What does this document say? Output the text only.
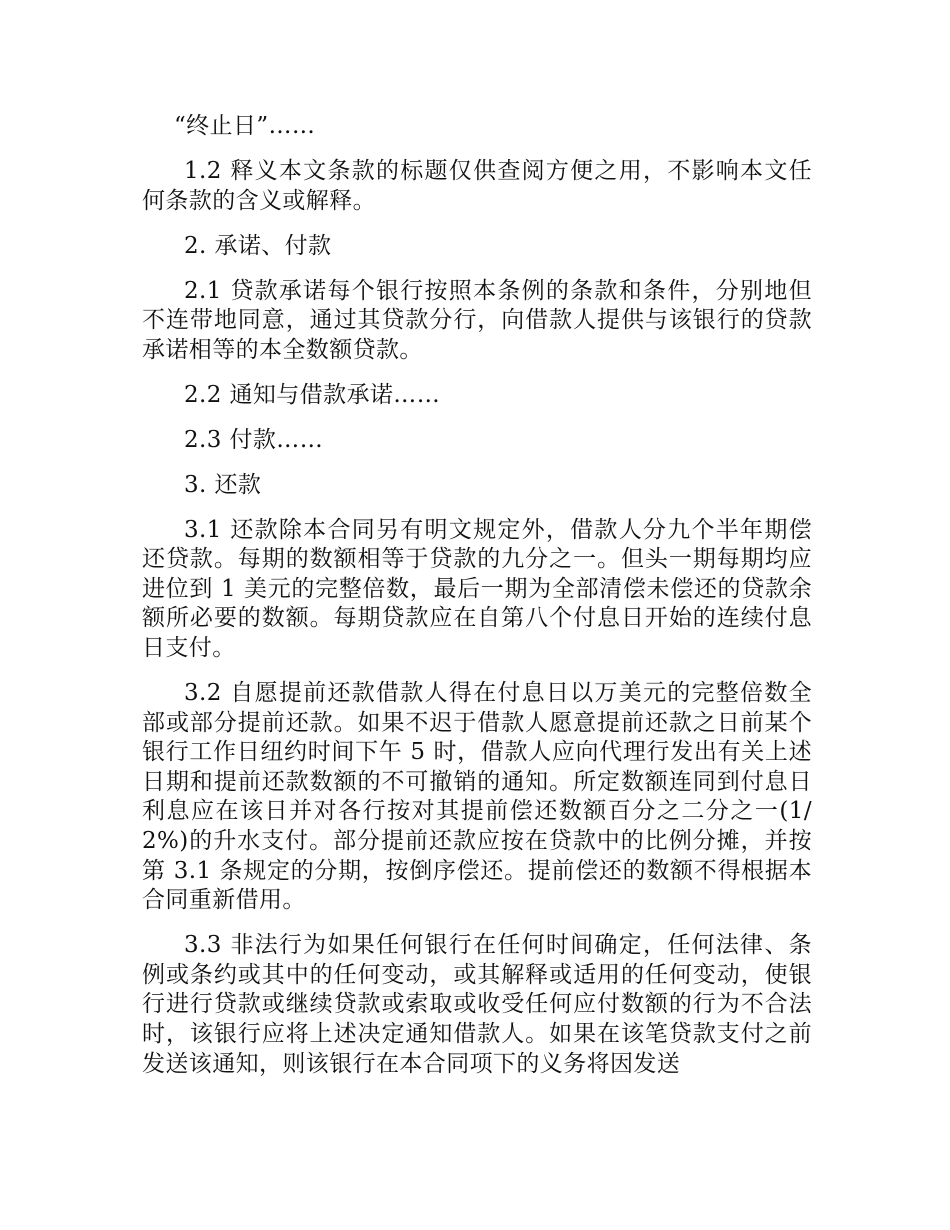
“终止日”……

1.2 释义本文条款的标题仅供查阅方便之用，不影响本文任何条款的含义或解释。

2. 承诺、付款

2.1 贷款承诺每个银行按照本条例的条款和条件，分别地但不连带地同意，通过其贷款分行，向借款人提供与该银行的贷款承诺相等的本全数额贷款。

2.2 通知与借款承诺……

2.3 付款……

3. 还款

3.1 还款除本合同另有明文规定外，借款人分九个半年期偿还贷款。每期的数额相等于贷款的九分之一。但头一期每期均应进位到 1 美元的完整倍数，最后一期为全部清偿未偿还的贷款余额所必要的数额。每期贷款应在自第八个付息日开始的连续付息日支付。

3.2 自愿提前还款借款人得在付息日以万美元的完整倍数全部或部分提前还款。如果不迟于借款人愿意提前还款之日前某个银行工作日纽约时间下午 5 时，借款人应向代理行发出有关上述日期和提前还款数额的不可撤销的通知。所定数额连同到付息日利息应在该日并对各行按对其提前偿还数额百分之二分之一(1/2%)的升水支付。部分提前还款应按在贷款中的比例分摊，并按第 3.1 条规定的分期，按倒序偿还。提前偿还的数额不得根据本合同重新借用。

3.3 非法行为如果任何银行在任何时间确定，任何法律、条例或条约或其中的任何变动，或其解释或适用的任何变动，使银行进行贷款或继续贷款或索取或收受任何应付数额的行为不合法时，该银行应将上述决定通知借款人。如果在该笔贷款支付之前发送该通知，则该银行在本合同项下的义务将因发送
